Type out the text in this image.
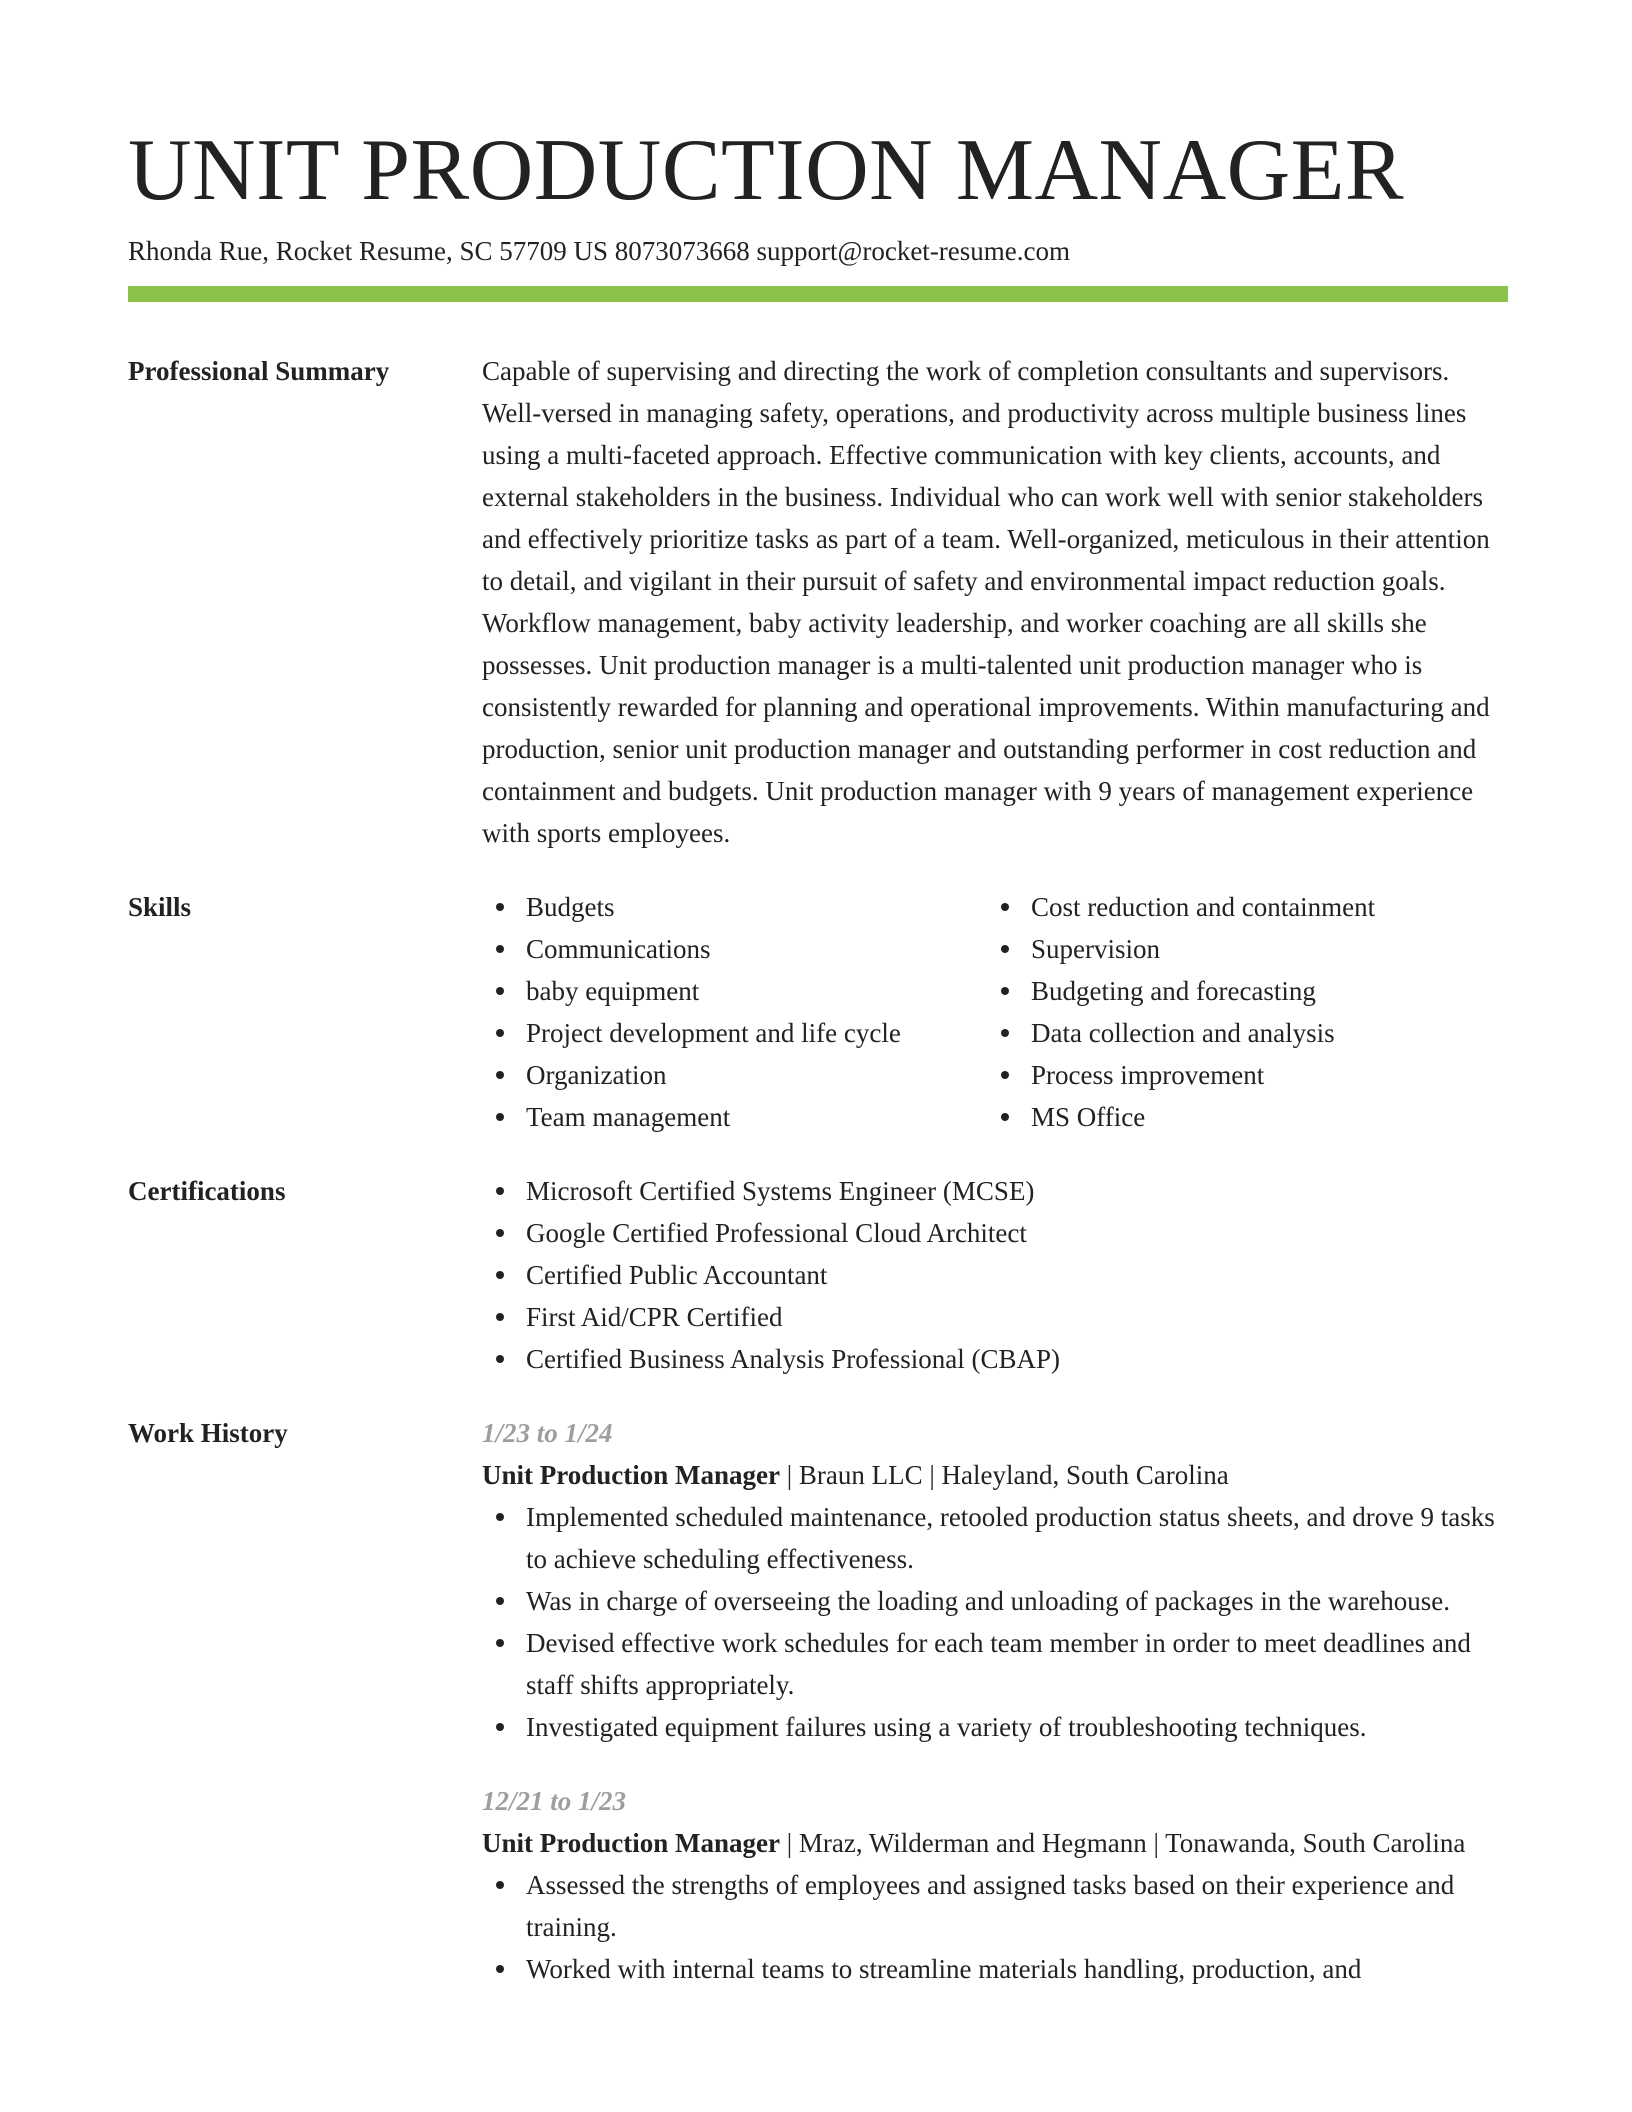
UNIT PRODUCTION MANAGER
Rhonda Rue, Rocket Resume, SC 57709 US 8073073668 support@rocket-resume.com
Professional Summary	Capable of supervising and directing the work of completion consultants and supervisors. Well-versed in managing safety, operations, and productivity across multiple business lines using a multi-faceted approach. Effective communication with key clients, accounts, and external stakeholders in the business. Individual who can work well with senior stakeholders and effectively prioritize tasks as part of a team. Well-organized, meticulous in their attention to detail, and vigilant in their pursuit of safety and environmental impact reduction goals. Workflow management, baby activity leadership, and worker coaching are all skills she possesses. Unit production manager is a multi-talented unit production manager who is consistently rewarded for planning and operational improvements. Within manufacturing and production, senior unit production manager and outstanding performer in cost reduction and containment and budgets. Unit production manager with 9 years of management experience with sports employees.
Skills	Budgets
Communications
baby equipment
Project development and life cycle
Organization
Team management
Cost reduction and containment
Supervision
Budgeting and forecasting
Data collection and analysis
Process improvement
MS Office
Certifications	Microsoft Certified Systems Engineer (MCSE)
Google Certified Professional Cloud Architect
Certified Public Accountant
First Aid/CPR Certified
Certified Business Analysis Professional (CBAP)
Work History	1/23 to 1/24
Unit Production Manager | Braun LLC | Haleyland, South Carolina
Implemented scheduled maintenance, retooled production status sheets, and drove 9 tasks to achieve scheduling effectiveness.
Was in charge of overseeing the loading and unloading of packages in the warehouse.
Devised effective work schedules for each team member in order to meet deadlines and staff shifts appropriately.
Investigated equipment failures using a variety of troubleshooting techniques.
12/21 to 1/23
Unit Production Manager | Mraz, Wilderman and Hegmann | Tonawanda, South Carolina
Assessed the strengths of employees and assigned tasks based on their experience and training.
Worked with internal teams to streamline materials handling, production, and
